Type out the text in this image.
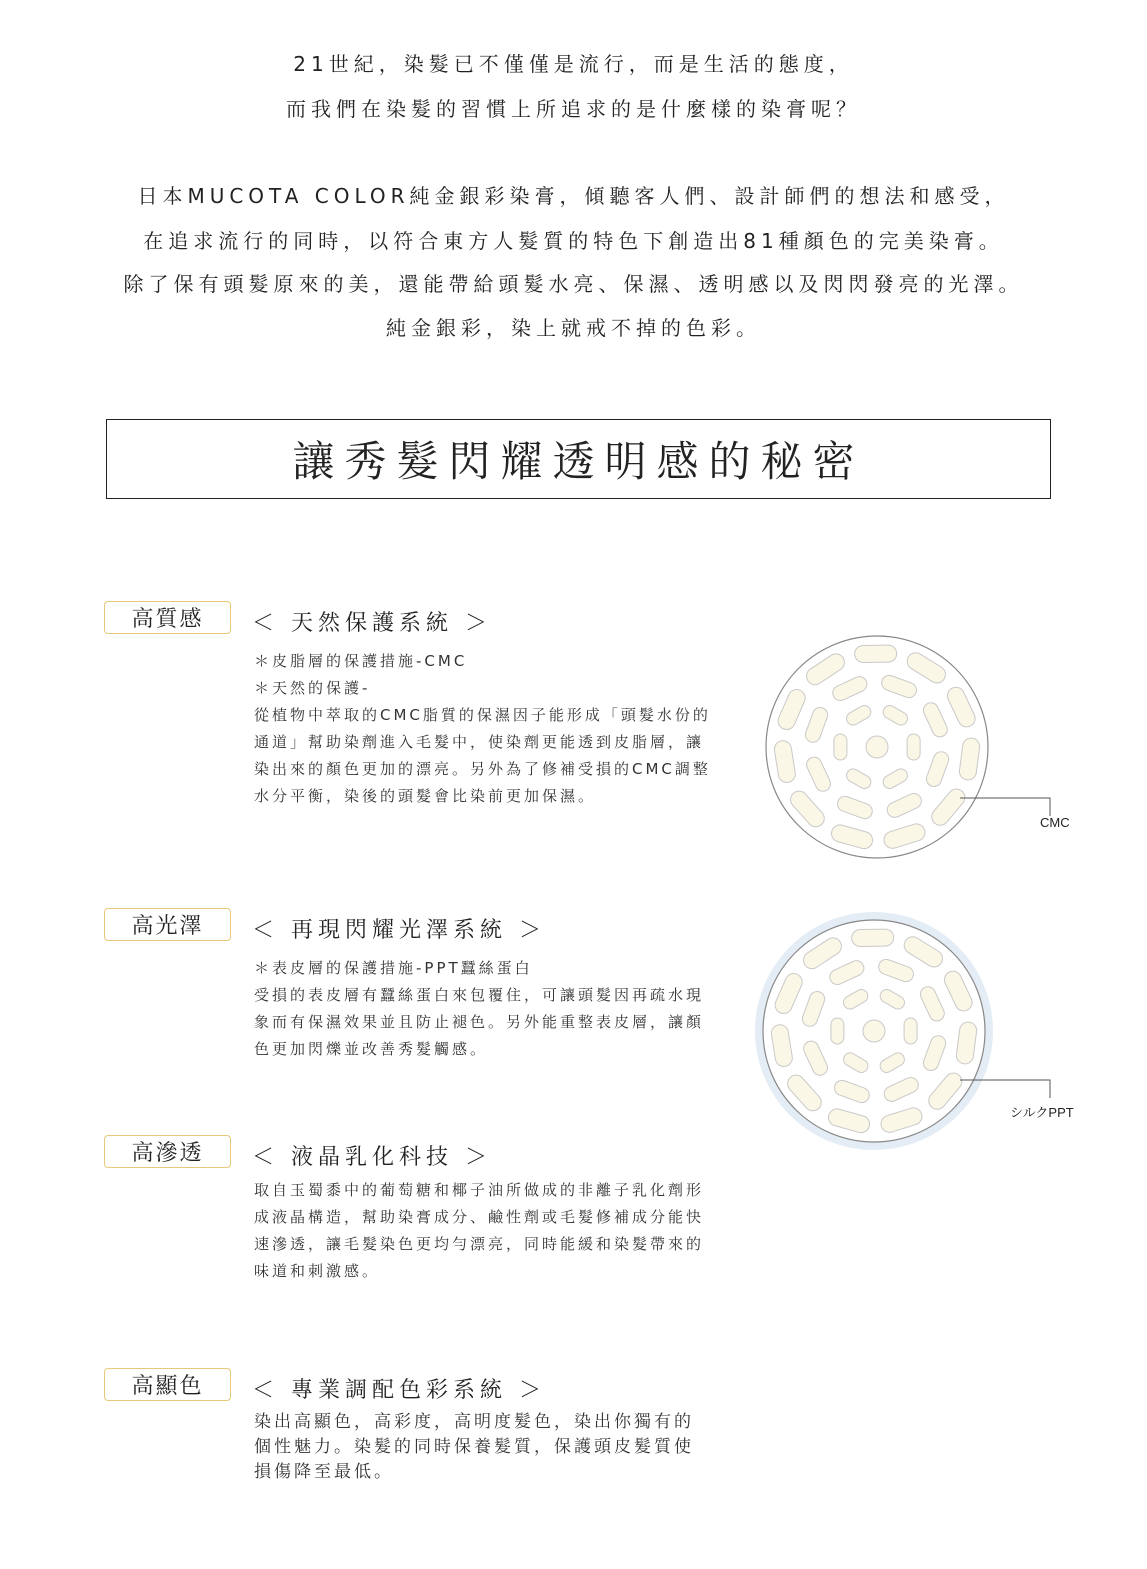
21世紀，染髮已不僅僅是流行，而是生活的態度，
而我們在染髮的習慣上所追求的是什麼樣的染膏呢？
日本MUCOTA COLOR純金銀彩染膏，傾聽客人們、設計師們的想法和感受，
在追求流行的同時，以符合東方人髮質的特色下創造出81種顏色的完美染膏。
除了保有頭髮原來的美，還能帶給頭髮水亮、保濕、透明感以及閃閃發亮的光澤。
純金銀彩，染上就戒不掉的色彩。
讓秀髮閃耀透明感的秘密
高質感	＜ 天然保護系統 ＞

＊皮脂層的保護措施-CMC

＊天然的保護-

從植物中萃取的CMC脂質的保濕因子能形成「頭髮水份的

通道」幫助染劑進入毛髮中，使染劑更能透到皮脂層，讓

染出來的顏色更加的漂亮。另外為了修補受損的CMC調整

水分平衡，染後的頭髮會比染前更加保濕。

高光澤	＜ 再現閃耀光澤系統 ＞

＊表皮層的保護措施-PPT蠶絲蛋白

受損的表皮層有蠶絲蛋白來包覆住，可讓頭髮因再疏水現

象而有保濕效果並且防止褪色。另外能重整表皮層，讓顏

色更加閃爍並改善秀髮觸感。

高滲透	＜ 液晶乳化科技 ＞

取自玉蜀黍中的葡萄糖和椰子油所做成的非離子乳化劑形

成液晶構造，幫助染膏成分、鹼性劑或毛髮修補成分能快

速滲透，讓毛髮染色更均勻漂亮，同時能緩和染髮帶來的

味道和刺激感。

高顯色	＜ 專業調配色彩系統 ＞

染出高顯色，高彩度，高明度髮色，染出你獨有的

個性魅力。染髮的同時保養髮質，保護頭皮髮質使

損傷降至最低。

CMC
シルクPPT
